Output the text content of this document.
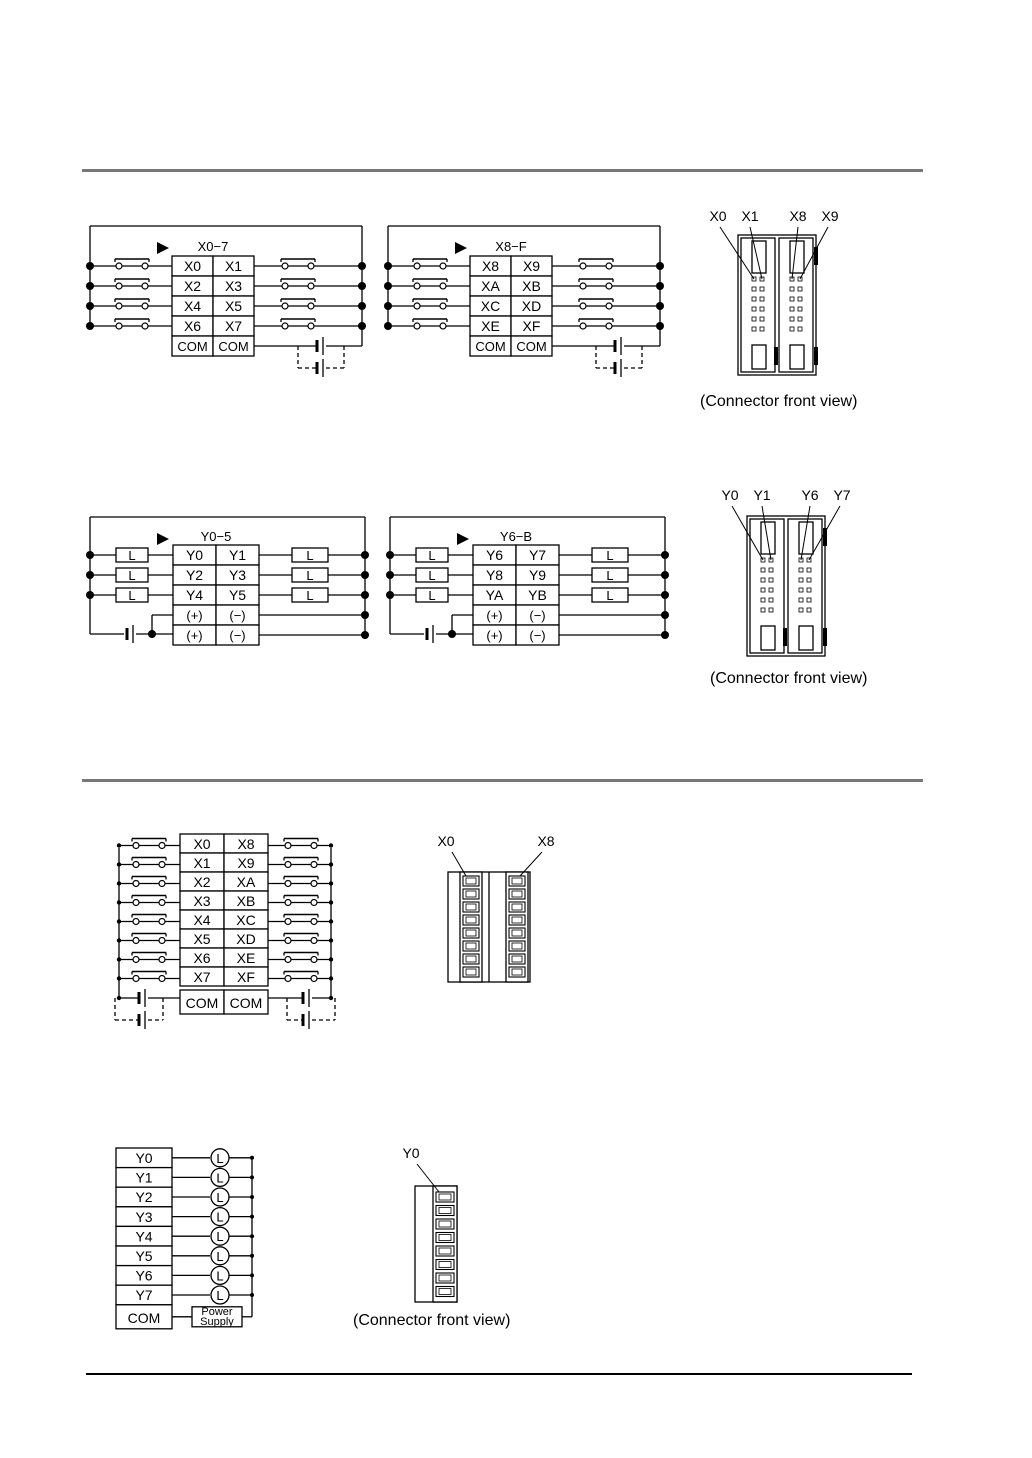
X0−7
X0 X1
X2 X3
X4 X5
X6 X7
COM COM
X8−F
X8 X9
XA XB
XC XD
XE XF
COM COM
X0 X1 X8 X9
(Connector front view)
Y0−5
Y0 Y1
L	L
Y2 Y3
L	L
Y4 Y5
L	L
(+) (−)
(+) (−)
Y6−B
Y6 Y7
L	L
Y8 Y9
L	L
YA YB
L	L
(+) (−)
(+) (−)
Y0 Y1 Y6 Y7
(Connector front view)
X0 X8
X1 X9
X2 XA
X3 XB
X4 XC
X5 XD
X6 XE
X7 XF
COM COM
X0	X8
Y0	L
Y1	L
Y2	L
Y3	L
Y4	L
Y5	L
Y6	L
Y7	L
COM	Power
Supply
Y0
(Connector front view)
